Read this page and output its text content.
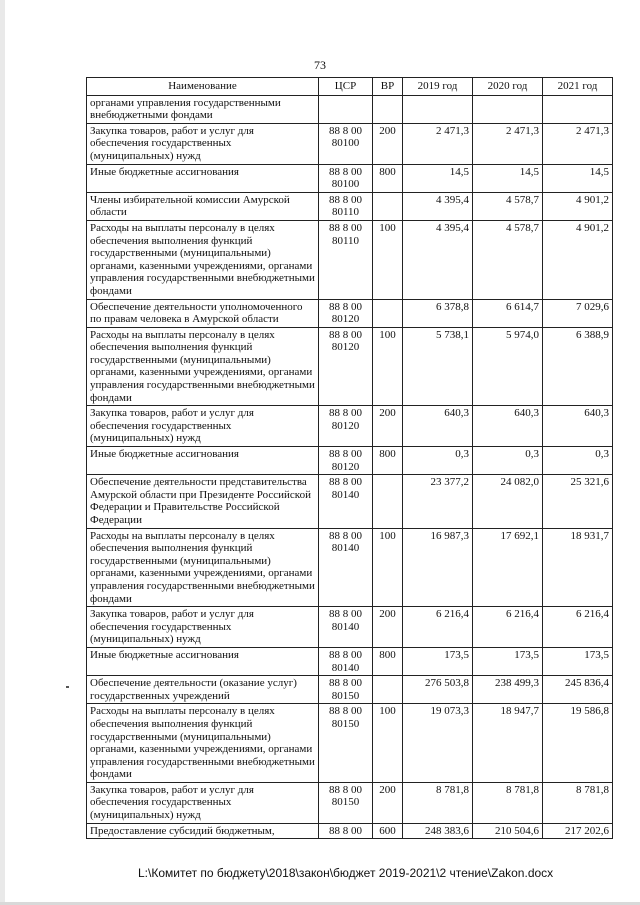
73
Наименование	ЦСР	ВР	2019 год	2020 год	2021 год
органами управления государственными внебюджетными фондами					
Закупка товаров, работ и услуг для обеспечения государственных (муниципальных) нужд	88 8 00 80100	200	2 471,3	2 471,3	2 471,3
Иные бюджетные ассигнования	88 8 00 80100	800	14,5	14,5	14,5
Члены избирательной комиссии Амурской области	88 8 00 80110		4 395,4	4 578,7	4 901,2
Расходы на выплаты персоналу в целях обеспечения выполнения функций государственными (муниципальными) органами, казенными учреждениями, органами управления государственными внебюджетными фондами	88 8 00 80110	100	4 395,4	4 578,7	4 901,2
Обеспечение деятельности уполномоченного по правам человека в Амурской области	88 8 00 80120		6 378,8	6 614,7	7 029,6
Расходы на выплаты персоналу в целях обеспечения выполнения функций государственными (муниципальными) органами, казенными учреждениями, органами управления государственными внебюджетными фондами	88 8 00 80120	100	5 738,1	5 974,0	6 388,9
Закупка товаров, работ и услуг для обеспечения государственных (муниципальных) нужд	88 8 00 80120	200	640,3	640,3	640,3
Иные бюджетные ассигнования	88 8 00 80120	800	0,3	0,3	0,3
Обеспечение деятельности представительства Амурской области при Президенте Российской Федерации и Правительстве Российской Федерации	88 8 00 80140		23 377,2	24 082,0	25 321,6
Расходы на выплаты персоналу в целях обеспечения выполнения функций государственными (муниципальными) органами, казенными учреждениями, органами управления государственными внебюджетными фондами	88 8 00 80140	100	16 987,3	17 692,1	18 931,7
Закупка товаров, работ и услуг для обеспечения государственных (муниципальных) нужд	88 8 00 80140	200	6 216,4	6 216,4	6 216,4
Иные бюджетные ассигнования	88 8 00 80140	800	173,5	173,5	173,5
Обеспечение деятельности (оказание услуг) государственных учреждений	88 8 00 80150		276 503,8	238 499,3	245 836,4
Расходы на выплаты персоналу в целях обеспечения выполнения функций государственными (муниципальными) органами, казенными учреждениями, органами управления государственными внебюджетными фондами	88 8 00 80150	100	19 073,3	18 947,7	19 586,8
Закупка товаров, работ и услуг для обеспечения государственных (муниципальных) нужд	88 8 00 80150	200	8 781,8	8 781,8	8 781,8
Предоставление субсидий бюджетным,	88 8 00	600	248 383,6	210 504,6	217 202,6
L:\Комитет по бюджету\2018\закон\бюджет 2019-2021\2 чтение\Zakon.docx
